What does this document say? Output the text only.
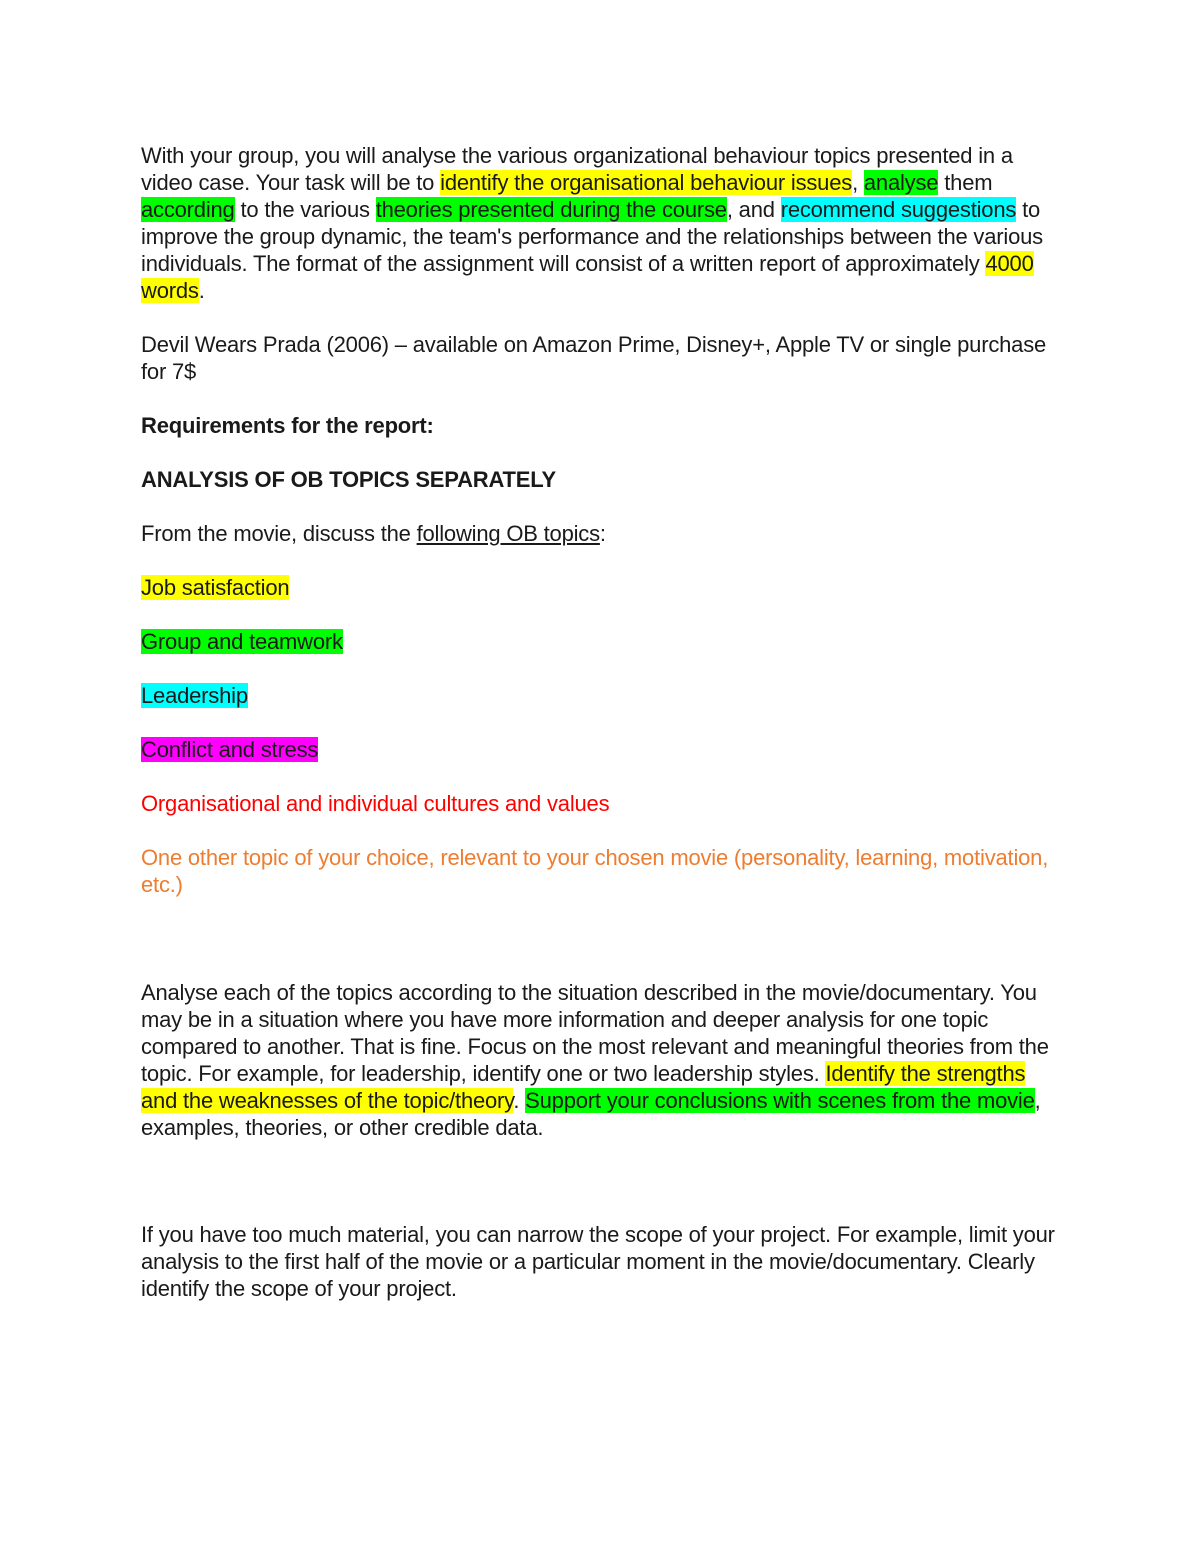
With your group, you will analyse the various organizational behaviour topics presented in a video case. Your task will be to identify the organisational behaviour issues, analyse them according to the various theories presented during the course, and recommend suggestions to improve the group dynamic, the team's performance and the relationships between the various individuals. The format of the assignment will consist of a written report of approximately 4000 words.

Devil Wears Prada (2006) – available on Amazon Prime, Disney+, Apple TV or single purchase for 7$

Requirements for the report:

ANALYSIS OF OB TOPICS SEPARATELY

From the movie, discuss the following OB topics:

Job satisfaction

Group and teamwork

Leadership

Conflict and stress

Organisational and individual cultures and values

One other topic of your choice, relevant to your chosen movie (personality, learning, motivation, etc.)

Analyse each of the topics according to the situation described in the movie/documentary. You may be in a situation where you have more information and deeper analysis for one topic compared to another. That is fine. Focus on the most relevant and meaningful theories from the topic. For example, for leadership, identify one or two leadership styles. Identify the strengths and the weaknesses of the topic/theory. Support your conclusions with scenes from the movie, examples, theories, or other credible data.

If you have too much material, you can narrow the scope of your project. For example, limit your analysis to the first half of the movie or a particular moment in the movie/documentary. Clearly identify the scope of your project.
